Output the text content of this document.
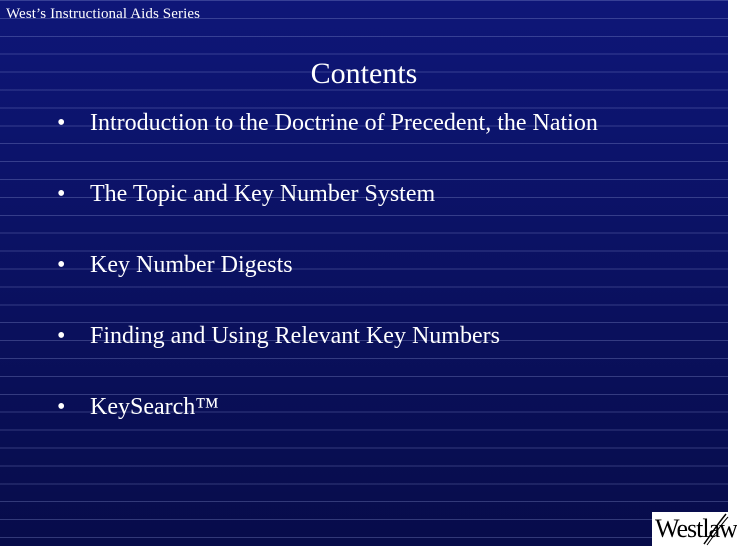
West’s Instructional Aids Series
Contents
•	Introduction to the Doctrine of Precedent, the Nation
•	The Topic and Key Number System
•	Key Number Digests
•	Finding and Using Relevant Key Numbers
•	KeySearch™
Westlaw
